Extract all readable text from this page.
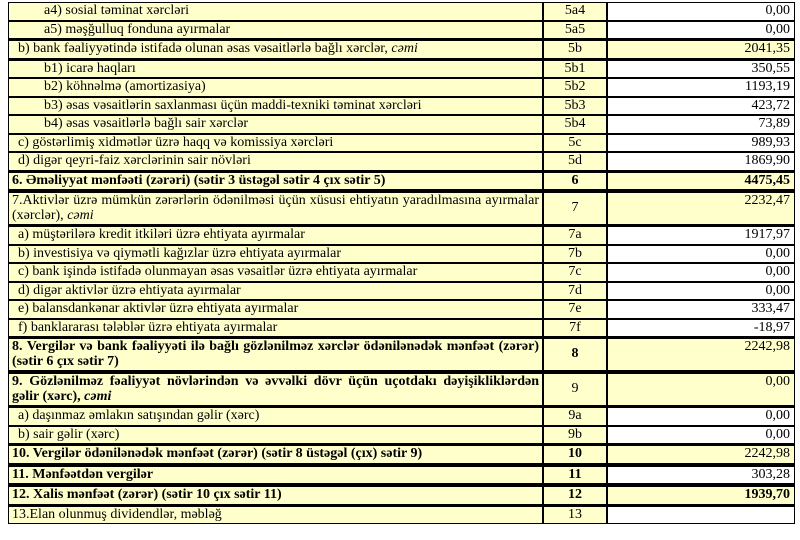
a4) sosial təminat xərcləri	5a4	0,00
a5) məşğulluq fonduna ayırmalar	5a5	0,00
b) bank fəaliyyətində istifadə olunan əsas vəsaitlərlə bağlı xərclər, cəmi	5b	2041,35
b1) icarə haqları	5b1	350,55
b2) köhnəlmə (amortizasiya)	5b2	1193,19
b3) əsas vəsaitlərin saxlanması üçün maddi-texniki təminat xərcləri	5b3	423,72
b4) əsas vəsaitlərlə bağlı sair xərclər	5b4	73,89
c) göstərlimiş xidmətlər üzrə haqq və komissiya xərcləri	5c	989,93
d) digər qeyri-faiz xərclərinin sair növləri	5d	1869,90
6. Əməliyyat mənfəəti (zərəri) (sətir 3 üstəgəl sətir 4 çıx sətir 5)	6	4475,45
7.Aktivlər üzrə mümkün zərərlərin ödənilməsi üçün xüsusi ehtiyatın yaradılmasına ayırmalar (xərclər), cəmi	7	2232,47
a) müştərilərə kredit itkiləri üzrə ehtiyata ayırmalar	7a	1917,97
b) investisiya və qiymətli kağızlar üzrə ehtiyata ayırmalar	7b	0,00
c) bank işində istifadə olunmayan əsas vəsaitlər üzrə ehtiyata ayırmalar	7c	0,00
d) digər aktivlər üzrə ehtiyata ayırmalar	7d	0,00
e) balansdankənar aktivlər üzrə ehtiyata ayırmalar	7e	333,47
f) banklararası tələblər üzrə ehtiyata ayırmalar	7f	-18,97
8. Vergilər və bank fəaliyyəti ilə bağlı gözlənilməz xərclər ödənilənədək mənfəət (zərər) (sətir 6 çıx sətir 7)	8	2242,98
9. Gözlənilməz fəaliyyət növlərindən və əvvəlki dövr üçün uçotdakı dəyişikliklərdən gəlir (xərc), cəmi	9	0,00
a) daşınmaz əmlakın satışından gəlir (xərc)	9a	0,00
b) sair gəlir (xərc)	9b	0,00
10. Vergilər ödənilənədək mənfəət (zərər) (sətir 8 üstəgəl (çıx) sətir 9)	10	2242,98
11. Mənfəətdən vergilər	11	303,28
12. Xalis mənfəət (zərər) (sətir 10 çıx sətir 11)	12	1939,70
13.Elan olunmuş dividendlər, məbləğ	13	
